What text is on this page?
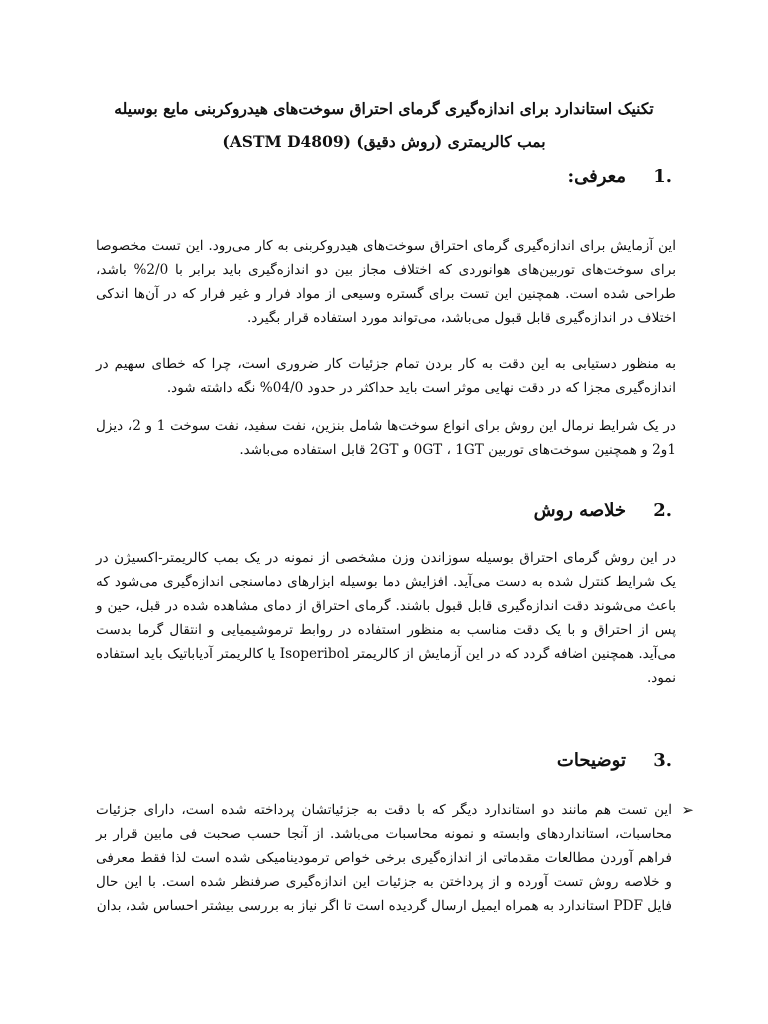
تکنیک استاندارد برای اندازه‌گیری گرمای احتراق سوخت‌های هیدروکربنی مایع بوسیله
بمب کالریمتری (روش دقیق) (ASTM D4809)
1.
معرفی:

این آزمایش برای اندازه‌گیری گرمای احتراق سوخت‌های هیدروکربنی به کار می‌رود. این تست مخصوصا برای سوخت‌های توربین‌های هوانوردی که اختلاف مجاز بین دو اندازه‌گیری باید برابر با 2/0% باشد، طراحی شده است. همچنین این تست برای گستره وسیعی از مواد فرار و غیر فرار که در آن‌ها اندکی اختلاف در اندازه‌گیری قابل قبول می‌باشد، می‌تواند مورد استفاده قرار بگیرد.

به منظور دستیابی به این دقت به کار بردن تمام جزئیات کار ضروری است، چرا که خطای سهیم در اندازه‌گیری مجزا که در دقت نهایی موثر است باید حداکثر در حدود 04/0% نگه داشته شود.

در یک شرایط نرمال این روش برای انواع سوخت‌ها شامل بنزین، نفت سفید، نفت سوخت 1 و 2، دیزل 1و2 و همچنین سوخت‌های توربین 0GT ، 1GT و 2GT قابل استفاده می‌باشد.

2.
خلاصه روش

در این روش گرمای احتراق بوسیله سوزاندن وزن مشخصی از نمونه در یک بمب کالریمتر-اکسیژن در یک شرایط کنترل شده به دست می‌آید. افزایش دما بوسیله ابزارهای دماسنجی اندازه‌گیری می‌شود که باعث می‌شوند دقت اندازه‌گیری قابل قبول باشند. گرمای احتراق از دمای مشاهده شده در قبل، حین و پس از احتراق و با یک دقت مناسب به منظور استفاده در روابط ترموشیمیایی و انتقال گرما بدست می‌آید. همچنین اضافه گردد که در این آزمایش از کالریمتر Isoperibol یا کالریمتر آدیاباتیک باید استفاده نمود.

3.
توضیحات
➢

این تست هم مانند دو استاندارد دیگر که با دقت به جزئیاتشان پرداخته شده است، دارای جزئیات محاسبات، استانداردهای وابسته و نمونه محاسبات می‌باشد. از آنجا حسب صحبت فی مابین قرار بر فراهم آوردن مطالعات مقدماتی از اندازه‌گیری برخی خواص ترمودینامیکی شده است لذا فقط معرفی و خلاصه روش تست آورده و از پرداختن به جزئیات این اندازه‌گیری صرفنظر شده است. با این حال فایل PDF استاندارد به همراه ایمیل ارسال گردیده است تا اگر نیاز به بررسی بیشتر احساس شد، بدان
